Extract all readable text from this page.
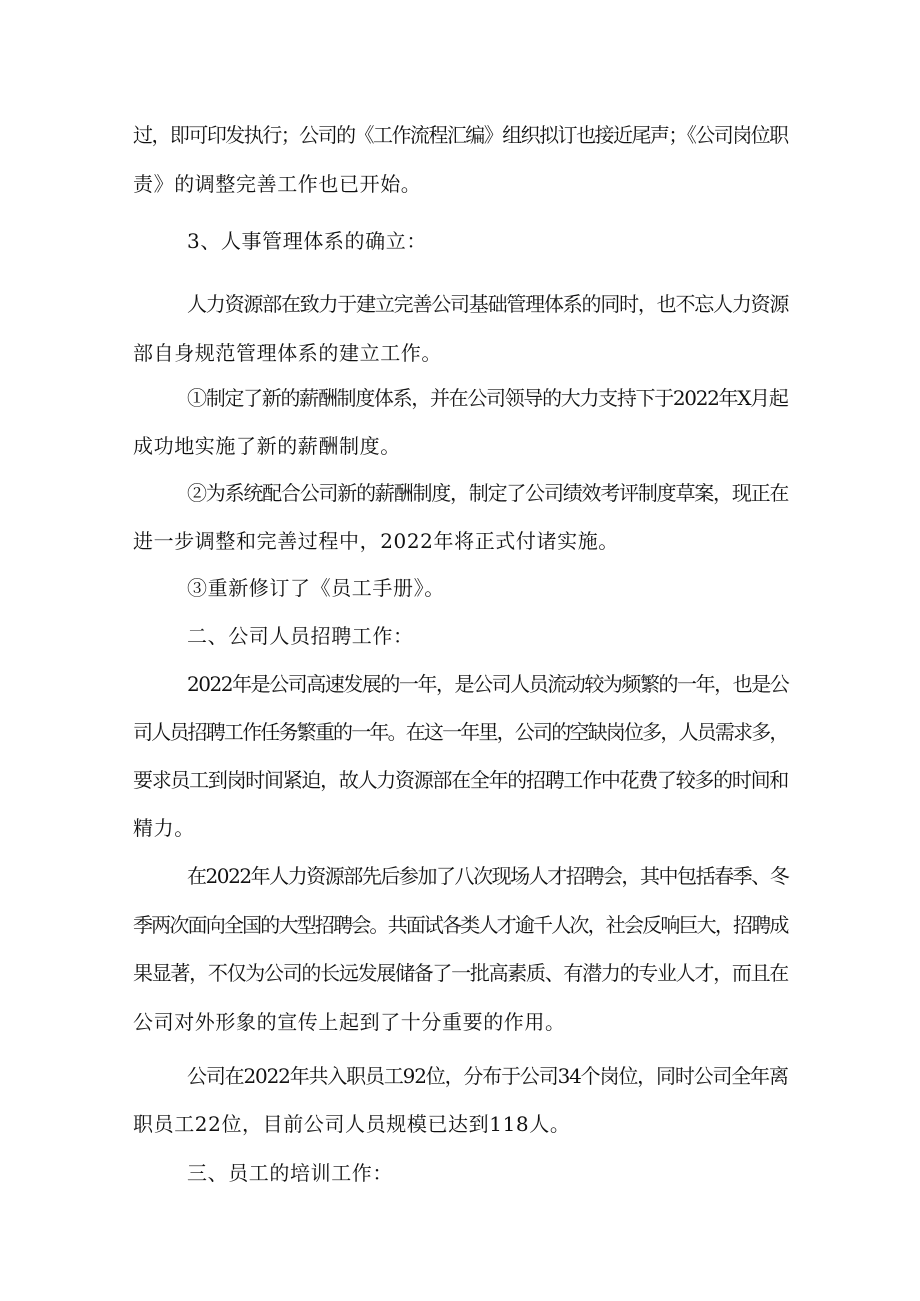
过，即可印发执行；公司的《工作流程汇编》组织拟订也接近尾声；《公司岗位职
责》的调整完善工作也已开始。
3、人事管理体系的确立：
人力资源部在致力于建立完善公司基础管理体系的同时，也不忘人力资源
部自身规范管理体系的建立工作。
①制定了新的薪酬制度体系，并在公司领导的大力支持下于2022年X月起
成功地实施了新的薪酬制度。
②为系统配合公司新的薪酬制度，制定了公司绩效考评制度草案，现正在
进一步调整和完善过程中，2022年将正式付诸实施。
③重新修订了《员工手册》。
二、公司人员招聘工作：
2022年是公司高速发展的一年，是公司人员流动较为频繁的一年，也是公
司人员招聘工作任务繁重的一年。在这一年里，公司的空缺岗位多，人员需求多，
要求员工到岗时间紧迫，故人力资源部在全年的招聘工作中花费了较多的时间和
精力。
在2022年人力资源部先后参加了八次现场人才招聘会，其中包括春季、冬
季两次面向全国的大型招聘会。共面试各类人才逾千人次，社会反响巨大，招聘成
果显著，不仅为公司的长远发展储备了一批高素质、有潜力的专业人才，而且在
公司对外形象的宣传上起到了十分重要的作用。
公司在2022年共入职员工92位，分布于公司34个岗位，同时公司全年离
职员工22位，目前公司人员规模已达到118人。
三、员工的培训工作：
